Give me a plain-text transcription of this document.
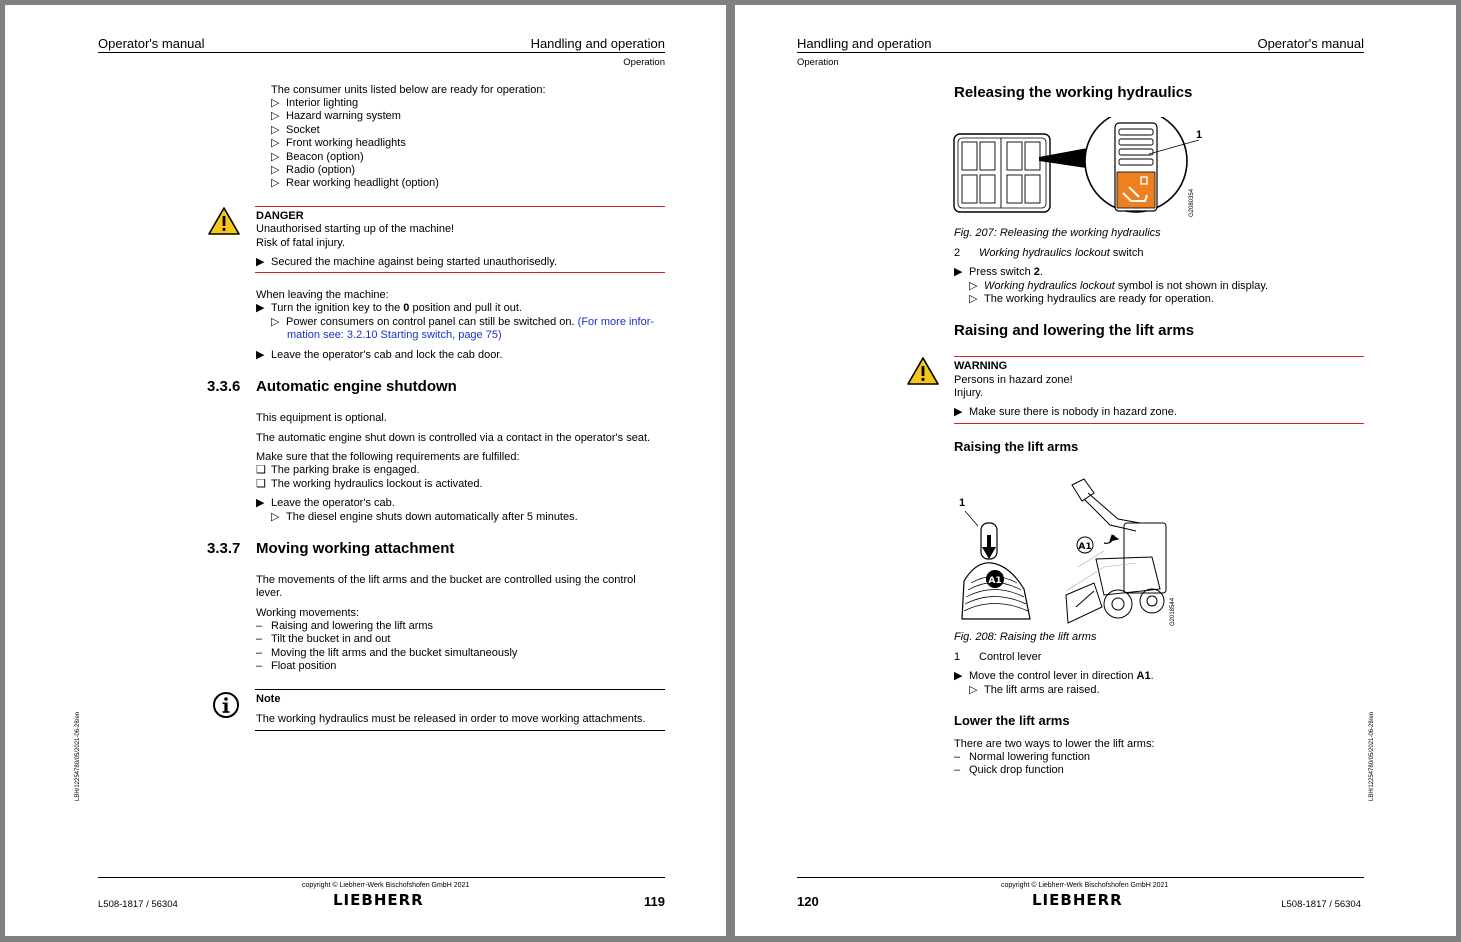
Operator's manual	Handling and operation
Operation
The consumer units listed below are ready for operation:
▷ Interior lighting
▷ Hazard warning system
▷ Socket
▷ Front working headlights
▷ Beacon (option)
▷ Radio (option)
▷ Rear working headlight (option)
DANGER
Unauthorised starting up of the machine!
Risk of fatal injury.
▶ Secured the machine against being started unauthorisedly.
When leaving the machine:
▶ Turn the ignition key to the 0 position and pull it out.
▷ Power consumers on control panel can still be switched on. (For more infor-
mation see: 3.2.10 Starting switch, page 75)
▶ Leave the operator's cab and lock the cab door.
3.3.6 Automatic engine shutdown
This equipment is optional.
The automatic engine shut down is controlled via a contact in the operator's seat.
Make sure that the following requirements are fulfilled:
❑ The parking brake is engaged.
❑ The working hydraulics lockout is activated.
▶ Leave the operator's cab.
▷ The diesel engine shuts down automatically after 5 minutes.
3.3.7 Moving working attachment
The movements of the lift arms and the bucket are controlled using the control
lever.
Working movements:
– Raising and lowering the lift arms
– Tilt the bucket in and out
– Moving the lift arms and the bucket simultaneously
– Float position
Note
The working hydraulics must be released in order to move working attachments.
LBH/12254780/05/2021-06-28/en
copyright © Liebherr-Werk Bischofshofen GmbH 2021
L508-1817 / 56304	LIEBHERR	119
Handling and operation	Operator's manual
Operation
Releasing the working hydraulics
1
G2080354
Fig. 207: Releasing the working hydraulics
2 Working hydraulics lockout switch
▶ Press switch 2.
▷ Working hydraulics lockout symbol is not shown in display.
▷ The working hydraulics are ready for operation.
Raising and lowering the lift arms
WARNING
Persons in hazard zone!
Injury.
▶ Make sure there is nobody in hazard zone.
Raising the lift arms
A1
A1
1
G2018544
Fig. 208: Raising the lift arms
1 Control lever
▶ Move the control lever in direction A1.
▷ The lift arms are raised.
Lower the lift arms
There are two ways to lower the lift arms:
– Normal lowering function
– Quick drop function	LBH/12254780/05/2021-06-28/en
copyright © Liebherr-Werk Bischofshofen GmbH 2021
120	LIEBHERR	L508-1817 / 56304
